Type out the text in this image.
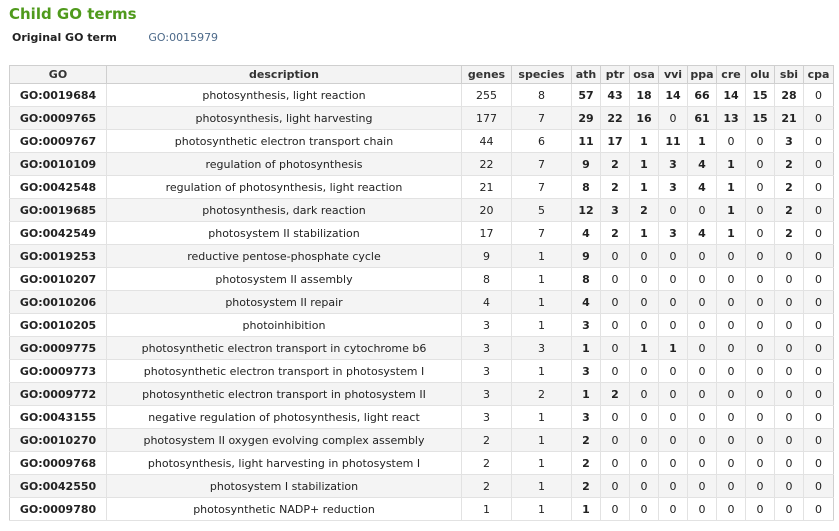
Child GO terms
Original GO term	GO:0015979
GO	description	genes	species	ath	ptr	osa	vvi	ppa	cre	olu	sbi	cpa
GO:0019684	photosynthesis, light reaction	255	8	57	43	18	14	66	14	15	28	0
GO:0009765	photosynthesis, light harvesting	177	7	29	22	16	0	61	13	15	21	0
GO:0009767	photosynthetic electron transport chain	44	6	11	17	1	11	1	0	0	3	0
GO:0010109	regulation of photosynthesis	22	7	9	2	1	3	4	1	0	2	0
GO:0042548	regulation of photosynthesis, light reaction	21	7	8	2	1	3	4	1	0	2	0
GO:0019685	photosynthesis, dark reaction	20	5	12	3	2	0	0	1	0	2	0
GO:0042549	photosystem II stabilization	17	7	4	2	1	3	4	1	0	2	0
GO:0019253	reductive pentose-phosphate cycle	9	1	9	0	0	0	0	0	0	0	0
GO:0010207	photosystem II assembly	8	1	8	0	0	0	0	0	0	0	0
GO:0010206	photosystem II repair	4	1	4	0	0	0	0	0	0	0	0
GO:0010205	photoinhibition	3	1	3	0	0	0	0	0	0	0	0
GO:0009775	photosynthetic electron transport in cytochrome b6	3	3	1	0	1	1	0	0	0	0	0
GO:0009773	photosynthetic electron transport in photosystem I	3	1	3	0	0	0	0	0	0	0	0
GO:0009772	photosynthetic electron transport in photosystem II	3	2	1	2	0	0	0	0	0	0	0
GO:0043155	negative regulation of photosynthesis, light react	3	1	3	0	0	0	0	0	0	0	0
GO:0010270	photosystem II oxygen evolving complex assembly	2	1	2	0	0	0	0	0	0	0	0
GO:0009768	photosynthesis, light harvesting in photosystem I	2	1	2	0	0	0	0	0	0	0	0
GO:0042550	photosystem I stabilization	2	1	2	0	0	0	0	0	0	0	0
GO:0009780	photosynthetic NADP+ reduction	1	1	1	0	0	0	0	0	0	0	0
